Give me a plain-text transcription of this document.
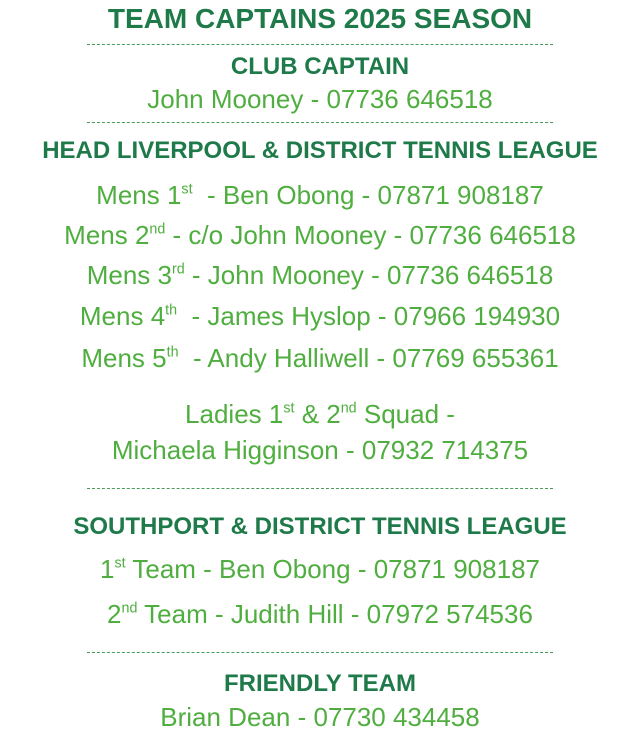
TEAM CAPTAINS 2025 SEASON
CLUB CAPTAIN
John Mooney - 07736 646518
HEAD LIVERPOOL & DISTRICT TENNIS LEAGUE
Mens 1st  - Ben Obong - 07871 908187
Mens 2nd - c/o John Mooney - 07736 646518
Mens 3rd - John Mooney - 07736 646518
Mens 4th  - James Hyslop - 07966 194930
Mens 5th  - Andy Halliwell - 07769 655361
Ladies 1st & 2nd Squad -
Michaela Higginson - 07932 714375
SOUTHPORT & DISTRICT TENNIS LEAGUE
1st Team - Ben Obong - 07871 908187
2nd Team - Judith Hill - 07972 574536
FRIENDLY TEAM
Brian Dean - 07730 434458
